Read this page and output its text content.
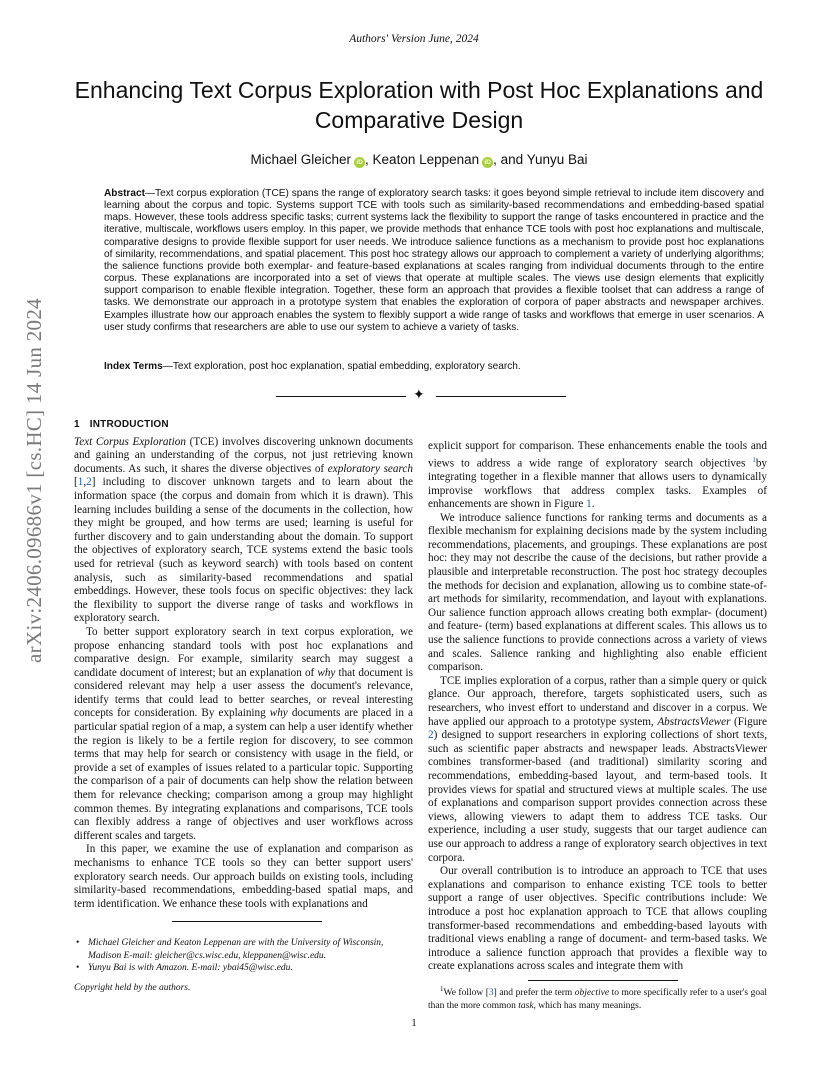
arXiv:2406.09686v1 [cs.HC] 14 Jun 2024
Authors' Version June, 2024
Enhancing Text Corpus Exploration with Post Hoc Explanations and Comparative Design
Michael Gleicher iD , Keaton Leppenan iD , and Yunyu Bai
Abstract—Text corpus exploration (TCE) spans the range of exploratory search tasks: it goes beyond simple retrieval to include item discovery and learning about the corpus and topic. Systems support TCE with tools such as similarity-based recommendations and embedding-based spatial maps. However, these tools address specific tasks; current systems lack the flexibility to support the range of tasks encountered in practice and the iterative, multiscale, workflows users employ. In this paper, we provide methods that enhance TCE tools with post hoc explanations and multiscale, comparative designs to provide flexible support for user needs. We introduce salience functions as a mechanism to provide post hoc explanations of similarity, recommendations, and spatial placement. This post hoc strategy allows our approach to complement a variety of underlying algorithms; the salience functions provide both exemplar- and feature-based explanations at scales ranging from individual documents through to the entire corpus. These explanations are incorporated into a set of views that operate at multiple scales. The views use design elements that explicitly support comparison to enable flexible integration. Together, these form an approach that provides a flexible toolset that can address a range of tasks. We demonstrate our approach in a prototype system that enables the exploration of corpora of paper abstracts and newspaper archives. Examples illustrate how our approach enables the system to flexibly support a wide range of tasks and workflows that emerge in user scenarios. A user study confirms that researchers are able to use our system to achieve a variety of tasks.
Index Terms—Text exploration, post hoc explanation, spatial embedding, exploratory search.
✦
1 INTRODUCTION

Text Corpus Exploration (TCE) involves discovering unknown documents and gaining an understanding of the corpus, not just retrieving known documents. As such, it shares the diverse objectives of exploratory search [1,2] including to discover unknown targets and to learn about the information space (the corpus and domain from which it is drawn). This learning includes building a sense of the documents in the collection, how they might be grouped, and how terms are used; learning is useful for further discovery and to gain understanding about the domain. To support the objectives of exploratory search, TCE systems extend the basic tools used for retrieval (such as keyword search) with tools based on content analysis, such as similarity-based recommendations and spatial embeddings. However, these tools focus on specific objectives: they lack the flexibility to support the diverse range of tasks and workflows in exploratory search.

To better support exploratory search in text corpus exploration, we propose enhancing standard tools with post hoc explanations and comparative design. For example, similarity search may suggest a candidate document of interest; but an explanation of why that document is considered relevant may help a user assess the document's relevance, identify terms that could lead to better searches, or reveal interesting concepts for consideration. By explaining why documents are placed in a particular spatial region of a map, a system can help a user identify whether the region is likely to be a fertile region for discovery, to see common terms that may help for search or consistency with usage in the field, or provide a set of examples of issues related to a particular topic. Supporting the comparison of a pair of documents can help show the relation between them for relevance checking; comparison among a group may highlight common themes. By integrating explanations and comparisons, TCE tools can flexibly address a range of objectives and user workflows across different scales and targets.

In this paper, we examine the use of explanation and comparison as mechanisms to enhance TCE tools so they can better support users' exploratory search needs. Our approach builds on existing tools, including similarity-based recommendations, embedding-based spatial maps, and term identification. We enhance these tools with explanations and

explicit support for comparison. These enhancements enable the tools and views to address a wide range of exploratory search objectives $^1$by integrating together in a flexible manner that allows users to dynamically improvise workflows that address complex tasks. Examples of enhancements are shown in Figure 1.

We introduce salience functions for ranking terms and documents as a flexible mechanism for explaining decisions made by the system including recommendations, placements, and groupings. These explanations are post hoc: they may not describe the cause of the decisions, but rather provide a plausible and interpretable reconstruction. The post hoc strategy decouples the methods for decision and explanation, allowing us to combine state-of-art methods for similarity, recommendation, and layout with explanations. Our salience function approach allows creating both exmplar- (document) and feature- (term) based explanations at different scales. This allows us to use the salience functions to provide connections across a variety of views and scales. Salience ranking and highlighting also enable efficient comparison.

TCE implies exploration of a corpus, rather than a simple query or quick glance. Our approach, therefore, targets sophisticated users, such as researchers, who invest effort to understand and discover in a corpus. We have applied our approach to a prototype system, AbstractsViewer (Figure 2) designed to support researchers in exploring collections of short texts, such as scientific paper abstracts and newspaper leads. AbstractsViewer combines transformer-based (and traditional) similarity scoring and recommendations, embedding-based layout, and term-based tools. It provides views for spatial and structured views at multiple scales. The use of explanations and comparison support provides connection across these views, allowing viewers to adapt them to address TCE tasks. Our experience, including a user study, suggests that our target audience can use our approach to address a range of exploratory search objectives in text corpora.

Our overall contribution is to introduce an approach to TCE that uses explanations and comparison to enhance existing TCE tools to better support a range of user objectives. Specific contributions include: We introduce a post hoc explanation approach to TCE that allows coupling transformer-based recommendations and embedding-based layouts with traditional views enabling a range of document- and term-based tasks. We introduce a salience function approach that provides a flexible way to create explanations across scales and integrate them with

• Michael Gleicher and Keaton Leppenan are with the University of Wisconsin, Madison E-mail: gleicher@cs.wisc.edu, kleppanen@wisc.edu.
• Yunyu Bai is with Amazon. E-mail: ybai45@wisc.edu.
Copyright held by the authors.	$^1$We follow [3] and prefer the term objective to more specifically refer to a user's goal than the more common task, which has many meanings.
1
